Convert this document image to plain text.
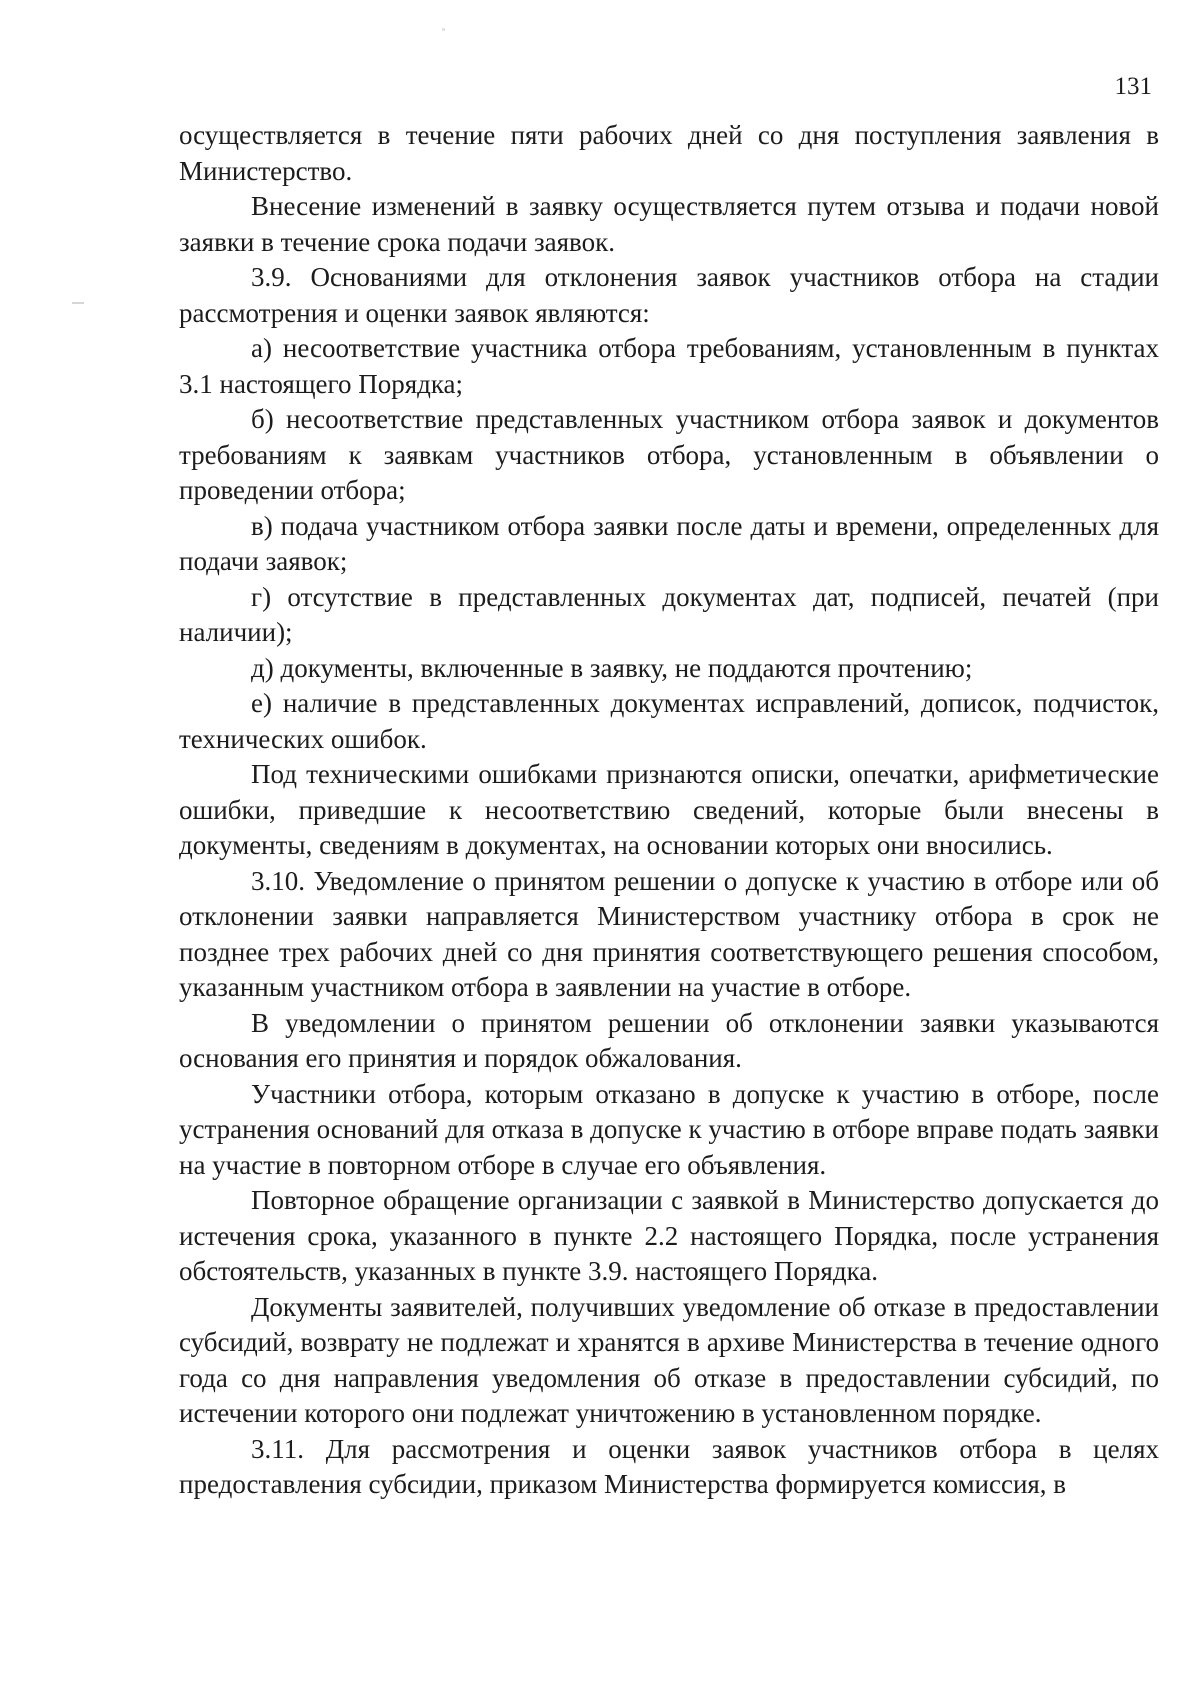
131

осуществляется в течение пяти рабочих дней со дня поступления заявления в Министерство.

Внесение изменений в заявку осуществляется путем отзыва и подачи новой заявки в течение срока подачи заявок.

3.9. Основаниями для отклонения заявок участников отбора на стадии рассмотрения и оценки заявок являются:

а) несоответствие участника отбора требованиям, установленным в пунктах 3.1 настоящего Порядка;

б) несоответствие представленных участником отбора заявок и документов требованиям к заявкам участников отбора, установленным в объявлении о проведении отбора;

в) подача участником отбора заявки после даты и времени, определенных для подачи заявок;

г) отсутствие в представленных документах дат, подписей, печатей (при наличии);

д) документы, включенные в заявку, не поддаются прочтению;

е) наличие в представленных документах исправлений, дописок, подчисток, технических ошибок.

Под техническими ошибками признаются описки, опечатки, арифметические ошибки, приведшие к несоответствию сведений, которые были внесены в документы, сведениям в документах, на основании которых они вносились.

3.10. Уведомление о принятом решении о допуске к участию в отборе или об отклонении заявки направляется Министерством участнику отбора в срок не позднее трех рабочих дней со дня принятия соответствующего решения способом, указанным участником отбора в заявлении на участие в отборе.

В уведомлении о принятом решении об отклонении заявки указываются основания его принятия и порядок обжалования.

Участники отбора, которым отказано в допуске к участию в отборе, после устранения оснований для отказа в допуске к участию в отборе вправе подать заявки на участие в повторном отборе в случае его объявления.

Повторное обращение организации с заявкой в Министерство допускается до истечения срока, указанного в пункте 2.2 настоящего Порядка, после устранения обстоятельств, указанных в пункте 3.9. настоящего Порядка.

Документы заявителей, получивших уведомление об отказе в предоставлении субсидий, возврату не подлежат и хранятся в архиве Министерства в течение одного года со дня направления уведомления об отказе в предоставлении субсидий, по истечении которого они подлежат уничтожению в установленном порядке.

3.11. Для рассмотрения и оценки заявок участников отбора в целях предоставления субсидии, приказом Министерства формируется комиссия, в
